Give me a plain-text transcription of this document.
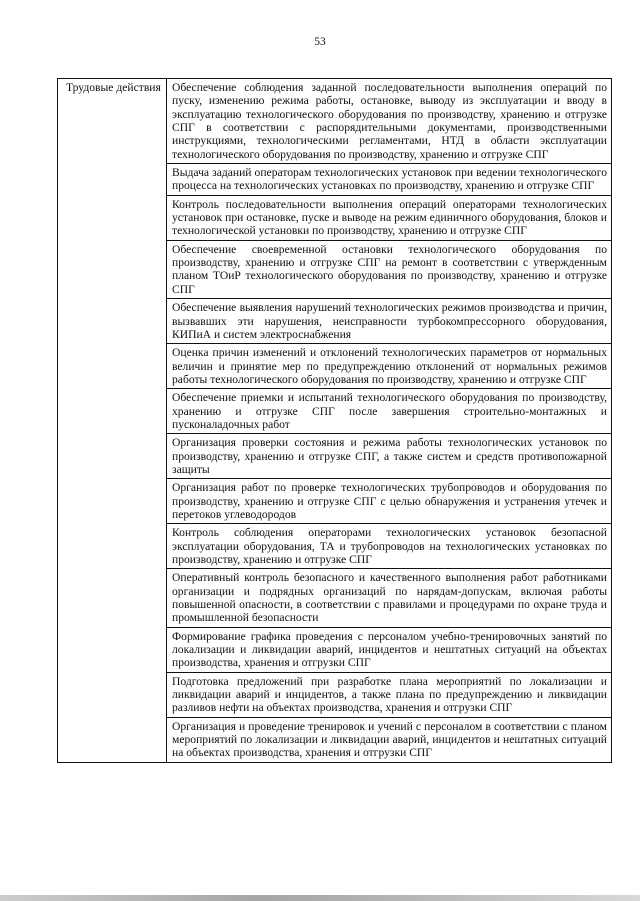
53
Трудовые действия	Обеспечение соблюдения заданной последовательности выполнения операций по пуску, изменению режима работы, остановке, выводу из эксплуатации и вводу в эксплуатацию технологического оборудования по производству, хранению и отгрузке СПГ в соответствии с распорядительными документами, производственными инструкциями, технологическими регламентами, НТД в области эксплуатации технологического оборудования по производству, хранению и отгрузке СПГ
Выдача заданий операторам технологических установок при ведении технологического процесса на технологических установках по производству, хранению и отгрузке СПГ
Контроль последовательности выполнения операций операторами технологических установок при остановке, пуске и выводе на режим единичного оборудования, блоков и технологической установки по производству, хранению и отгрузке СПГ
Обеспечение своевременной остановки технологического оборудования по производству, хранению и отгрузке СПГ на ремонт в соответствии с утвержденным планом ТОиР технологического оборудования по производству, хранению и отгрузке СПГ
Обеспечение выявления нарушений технологических режимов производства и причин, вызвавших эти нарушения, неисправности турбокомпрессорного оборудования, КИПиА и систем электроснабжения
Оценка причин изменений и отклонений технологических параметров от нормальных величин и принятие мер по предупреждению отклонений от нормальных режимов работы технологического оборудования по производству, хранению и отгрузке СПГ
Обеспечение приемки и испытаний технологического оборудования по производству, хранению и отгрузке СПГ после завершения строительно-монтажных и пусконаладочных работ
Организация проверки состояния и режима работы технологических установок по производству, хранению и отгрузке СПГ, а также систем и средств противопожарной защиты
Организация работ по проверке технологических трубопроводов и оборудования по производству, хранению и отгрузке СПГ с целью обнаружения и устранения утечек и перетоков углеводородов
Контроль соблюдения операторами технологических установок безопасной эксплуатации оборудования, ТА и трубопроводов на технологических установках по производству, хранению и отгрузке СПГ
Оперативный контроль безопасного и качественного выполнения работ работниками организации и подрядных организаций по нарядам-допускам, включая работы повышенной опасности, в соответствии с правилами и процедурами по охране труда и промышленной безопасности
Формирование графика проведения с персоналом учебно-тренировочных занятий по локализации и ликвидации аварий, инцидентов и нештатных ситуаций на объектах производства, хранения и отгрузки СПГ
Подготовка предложений при разработке плана мероприятий по локализации и ликвидации аварий и инцидентов, а также плана по предупреждению и ликвидации разливов нефти на объектах производства, хранения и отгрузки СПГ
Организация и проведение тренировок и учений с персоналом в соответствии с планом мероприятий по локализации и ликвидации аварий, инцидентов и нештатных ситуаций на объектах производства, хранения и отгрузки СПГ
